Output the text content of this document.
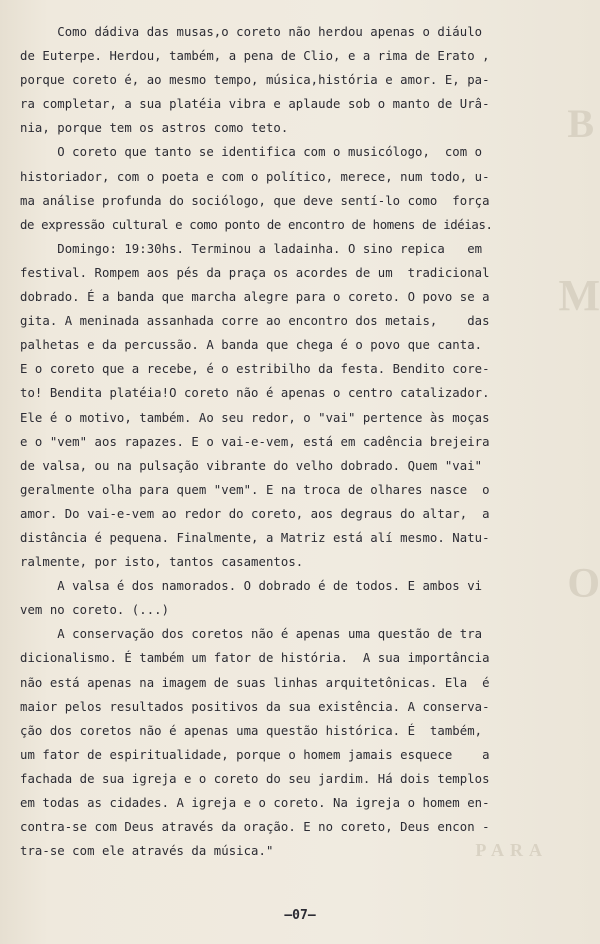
B
M
O
PARA
Como dádiva das musas,o coreto não herdou apenas o diáulo
de Euterpe. Herdou, também, a pena de Clio, e a rima de Erato ,
porque coreto é, ao mesmo tempo, música,história e amor. E, pa-
ra completar, a sua platéia vibra e aplaude sob o manto de Urâ-
nia, porque tem os astros como teto.
O coreto que tanto se identifica com o musicólogo,  com o
historiador, com o poeta e com o político, merece, num todo, u-
ma análise profunda do sociólogo, que deve sentí-lo como  força
de expressão cultural e como ponto de encontro de homens de idéias.
Domingo: 19:30hs. Terminou a ladainha. O sino repica   em
festival. Rompem aos pés da praça os acordes de um  tradicional
dobrado. É a banda que marcha alegre para o coreto. O povo se a
gita. A meninada assanhada corre ao encontro dos metais,    das
palhetas e da percussão. A banda que chega é o povo que canta.
E o coreto que a recebe, é o estribilho da festa. Bendito core-
to! Bendita platéia!O coreto não é apenas o centro catalizador.
Ele é o motivo, também. Ao seu redor, o "vai" pertence às moças
e o "vem" aos rapazes. E o vai-e-vem, está em cadência brejeira
de valsa, ou na pulsação vibrante do velho dobrado. Quem "vai"
geralmente olha para quem "vem". E na troca de olhares nasce  o
amor. Do vai-e-vem ao redor do coreto, aos degraus do altar,  a
distância é pequena. Finalmente, a Matriz está alí mesmo. Natu-
ralmente, por isto, tantos casamentos.
A valsa é dos namorados. O dobrado é de todos. E ambos vi
vem no coreto. (...)
A conservação dos coretos não é apenas uma questão de tra
dicionalismo. É também um fator de história.  A sua importância
não está apenas na imagem de suas linhas arquitetônicas. Ela  é
maior pelos resultados positivos da sua existência. A conserva-
ção dos coretos não é apenas uma questão histórica. É  também,
um fator de espiritualidade, porque o homem jamais esquece    a
fachada de sua igreja e o coreto do seu jardim. Há dois templos
em todas as cidades. A igreja e o coreto. Na igreja o homem en-
contra-se com Deus através da oração. E no coreto, Deus encon -
tra-se com ele através da música."
—07—
